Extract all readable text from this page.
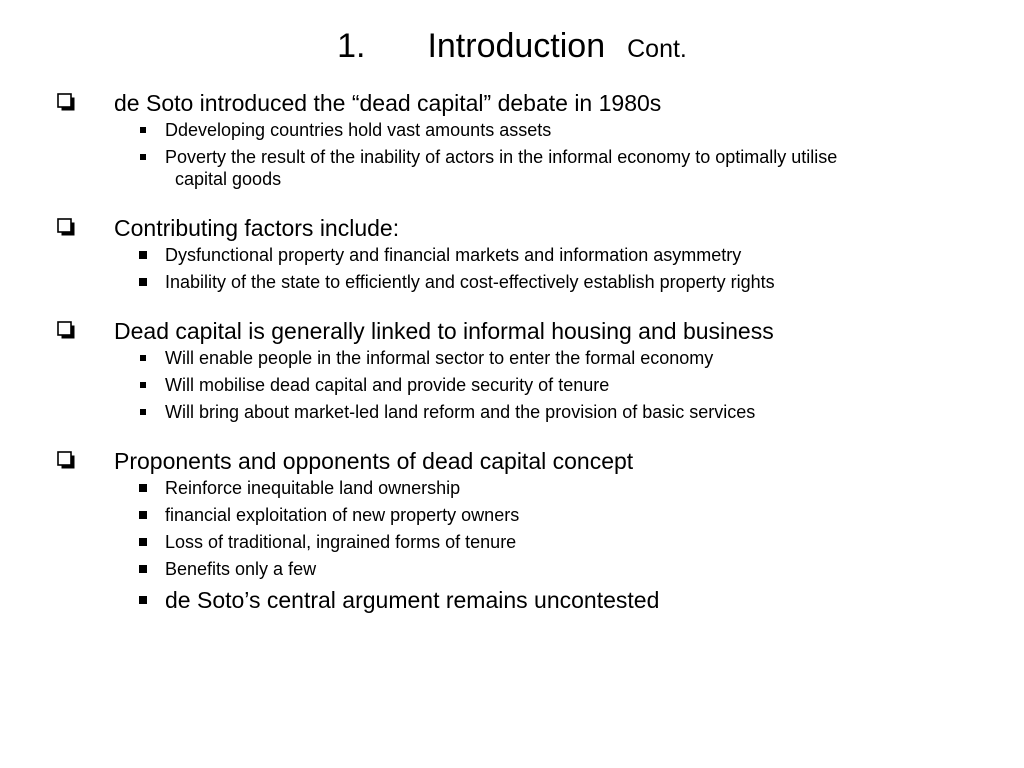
1. Introduction Cont.
de Soto introduced the “dead capital” debate in 1980s
Ddeveloping countries hold vast amounts assets
Poverty the result of the inability of actors in the informal economy to optimally utilise
capital goods
Contributing factors include:
Dysfunctional property and financial markets and information asymmetry
Inability of the state to efficiently and cost-effectively establish property rights
Dead capital is generally linked to informal housing and business
Will enable people in the informal sector to enter the formal economy
Will mobilise dead capital and provide security of tenure
Will bring about market-led land reform and the provision of basic services
Proponents and opponents of dead capital concept
Reinforce inequitable land ownership
financial exploitation of new property owners
Loss of traditional, ingrained forms of tenure
Benefits only a few
de Soto’s central argument remains uncontested
